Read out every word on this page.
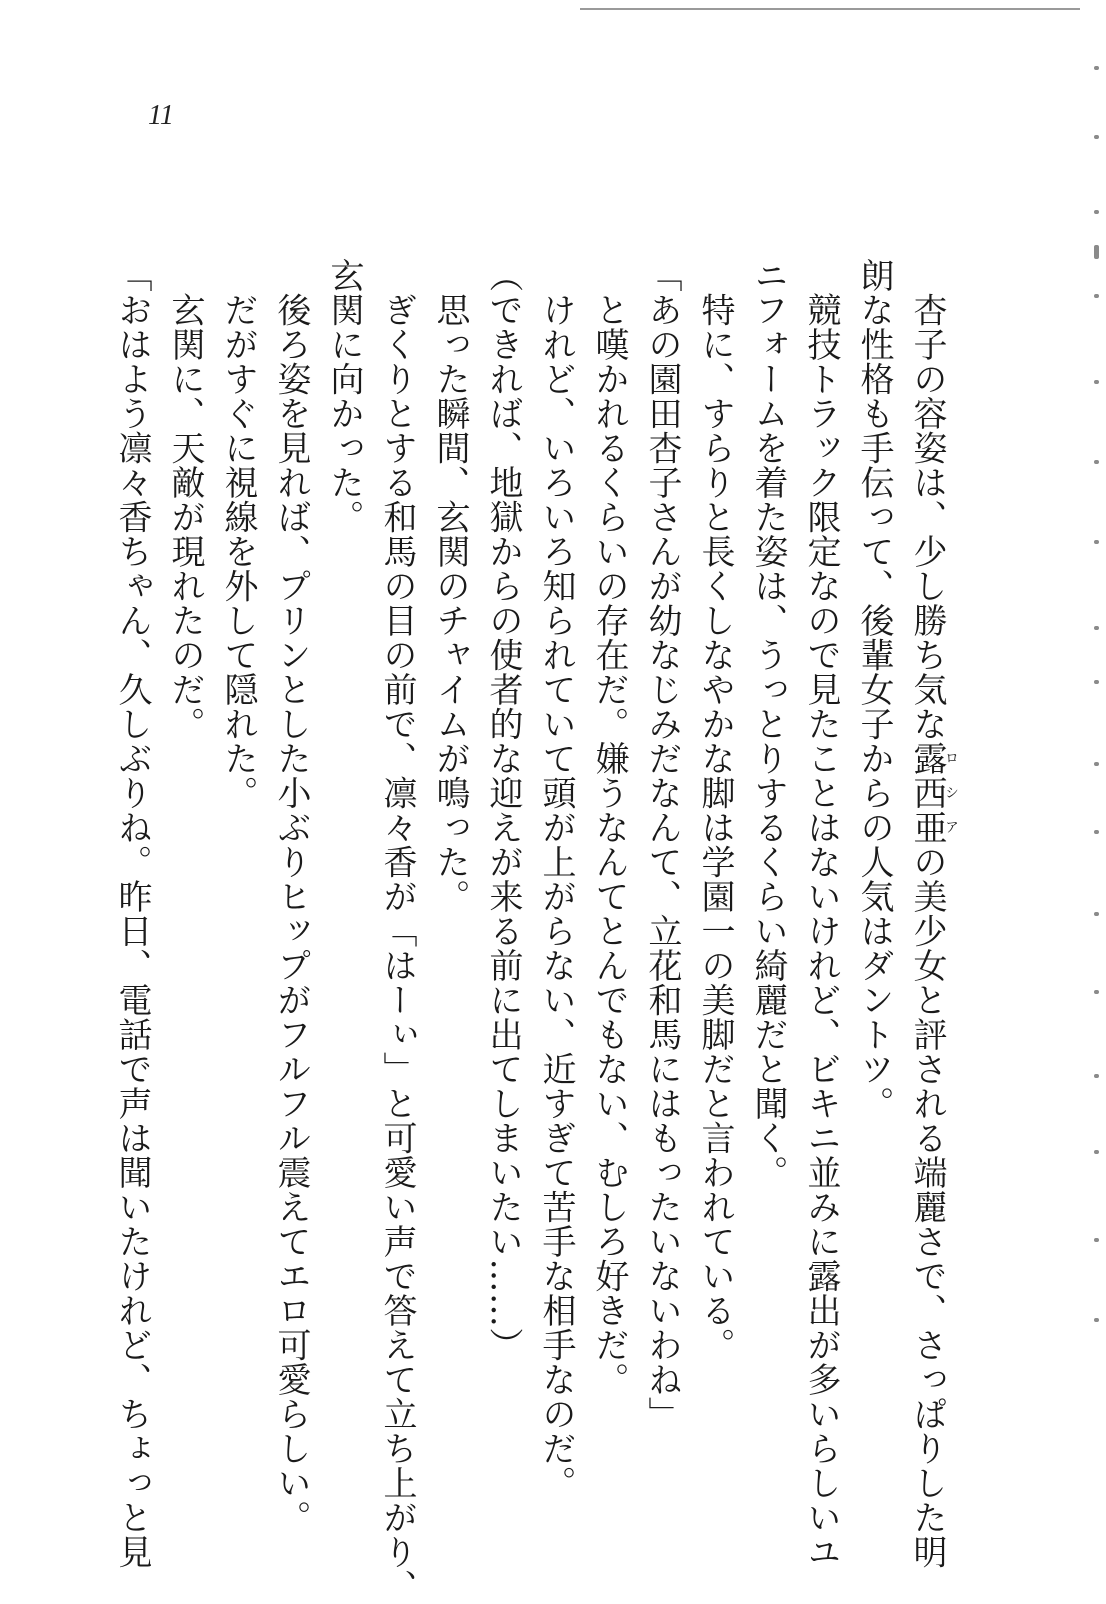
11

　杏子の容姿は、少し勝ち気な露西亜ロシアの美少女と評される端麗さで、さっぱりした明
朗な性格も手伝って、後輩女子からの人気はダントツ。
　競技トラック限定なので見たことはないけれど、ビキニ並みに露出が多いらしいユ
ニフォームを着た姿は、うっとりするくらい綺麗だと聞く。
　特に、すらりと長くしなやかな脚は学園一の美脚だと言われている。
「あの園田杏子さんが幼なじみだなんて、立花和馬にはもったいないわね」
　と嘆かれるくらいの存在だ。嫌うなんてとんでもない、むしろ好きだ。
　けれど、いろいろ知られていて頭が上がらない、近すぎて苦手な相手なのだ。
（できれば、地獄からの使者的な迎えが来る前に出てしまいたい……）
　思った瞬間、玄関のチャイムが鳴った。
　ぎくりとする和馬の目の前で、凛々香が「はーぃ」と可愛い声で答えて立ち上がり、
玄関に向かった。
　後ろ姿を見れば、プリンとした小ぶりヒップがフルフル震えてエロ可愛らしい。
　だがすぐに視線を外して隠れた。
　玄関に、天敵が現れたのだ。
「おはよう凛々香ちゃん、久しぶりね。昨日、電話で声は聞いたけれど、ちょっと見
